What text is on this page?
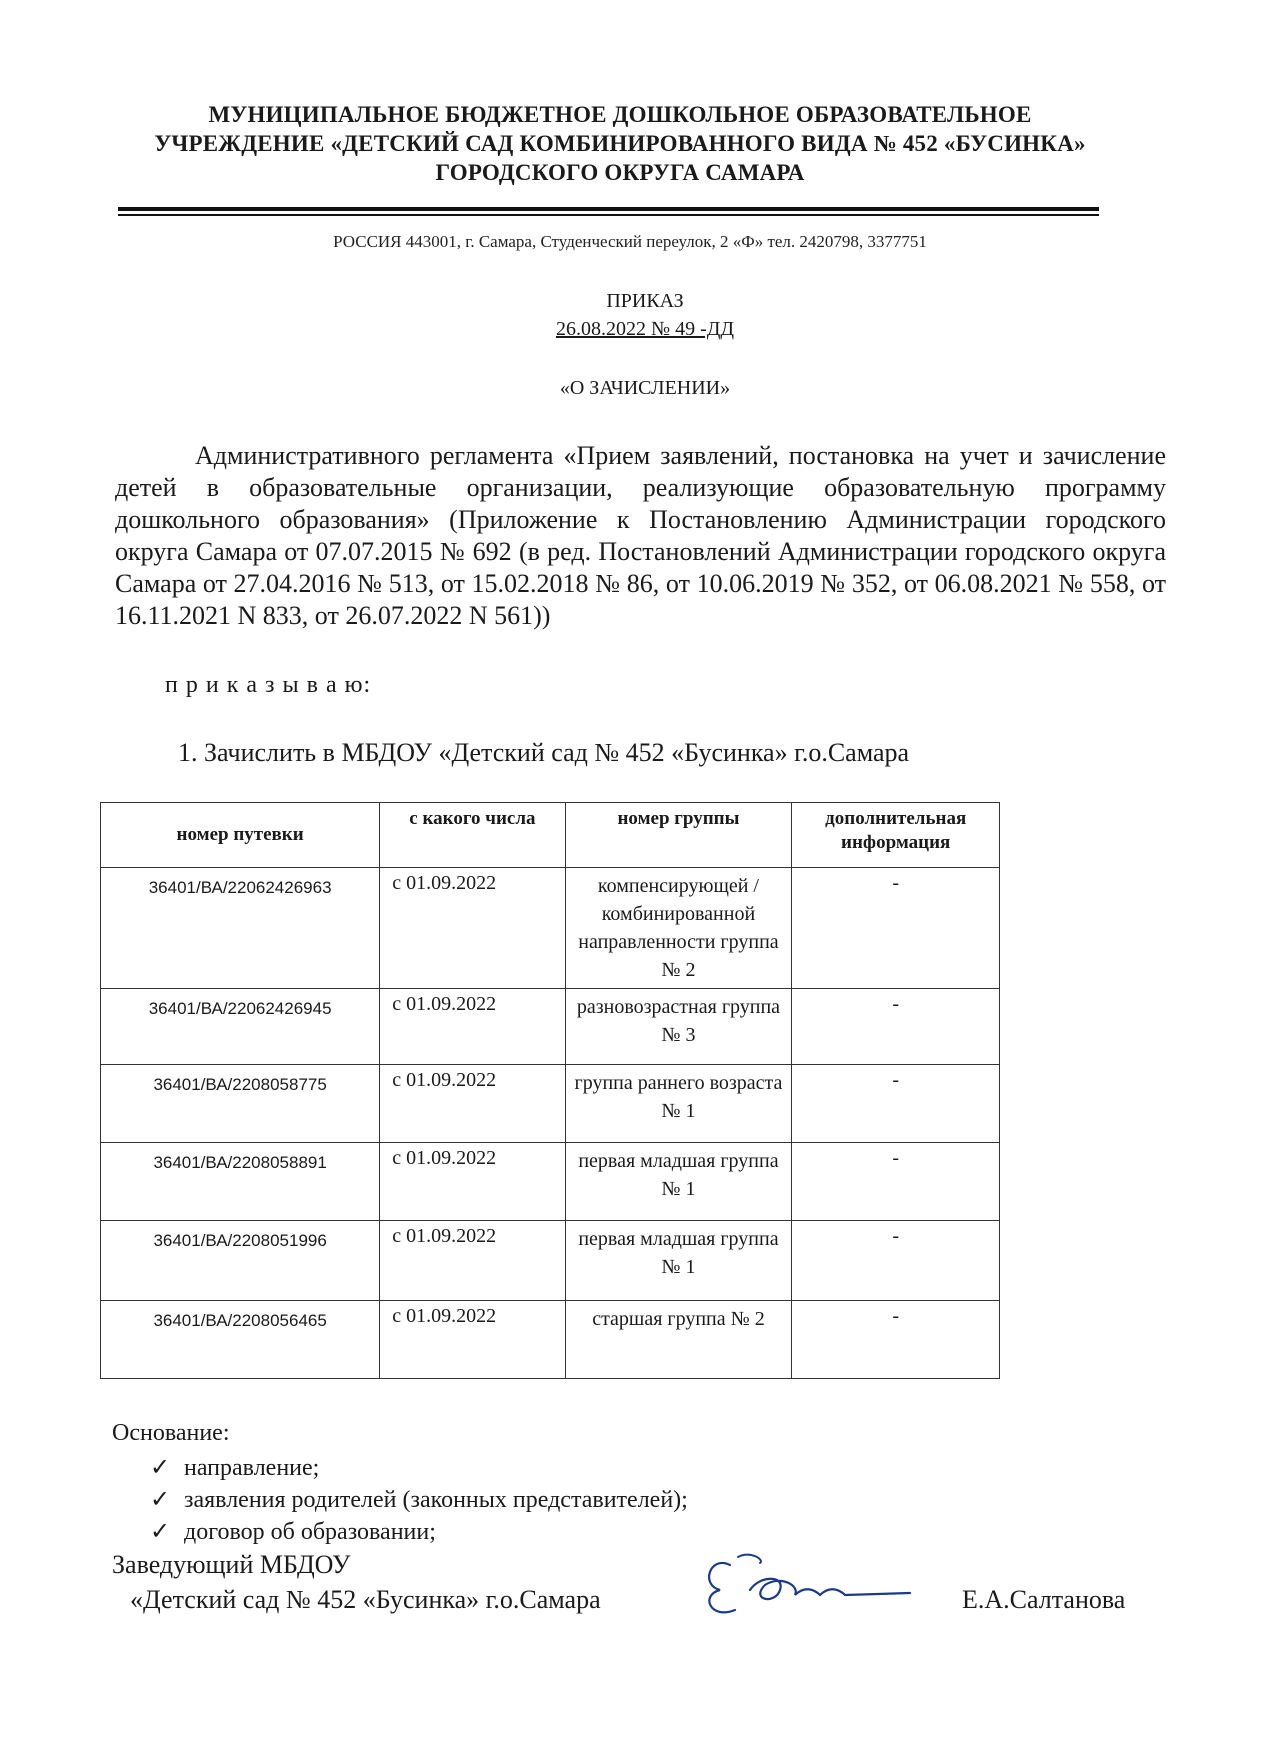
МУНИЦИПАЛЬНОЕ БЮДЖЕТНОЕ ДОШКОЛЬНОЕ ОБРАЗОВАТЕЛЬНОЕ
УЧРЕЖДЕНИЕ «ДЕТСКИЙ САД КОМБИНИРОВАННОГО ВИДА № 452 «БУСИНКА»
ГОРОДСКОГО ОКРУГА САМАРА
РОССИЯ 443001, г. Самара, Студенческий переулок, 2 «Ф» тел. 2420798, 3377751
ПРИКАЗ
26.08.2022 № 49 -ДД
«О ЗАЧИСЛЕНИИ»
Административного регламента «Прием заявлений, постановка на учет и зачисление детей в образовательные организации, реализующие образовательную программу дошкольного образования» (Приложение к Постановлению Администрации городского округа Самара от 07.07.2015 № 692 (в ред. Постановлений Администрации городского округа Самара от 27.04.2016 № 513, от 15.02.2018 № 86, от 10.06.2019 № 352, от 06.08.2021 № 558, от 16.11.2021 N 833, от 26.07.2022 N 561))
п р и к а з ы в а ю:
1. Зачислить в МБДОУ «Детский сад № 452 «Бусинка» г.о.Самара
номер путевки	с какого числа	номер группы	дополнительная информация
36401/ВА/22062426963	с 01.09.2022	компенсирующей /комбинированной направленности группа № 2	-
36401/ВА/22062426945	с 01.09.2022	разновозрастная группа № 3	-
36401/ВА/2208058775	с 01.09.2022	группа раннего возраста № 1	-
36401/ВА/2208058891	с 01.09.2022	первая младшая группа № 1	-
36401/ВА/2208051996	с 01.09.2022	первая младшая группа № 1	-
36401/ВА/2208056465	с 01.09.2022	старшая группа № 2	-
Основание:
✓ направление;
✓ заявления родителей (законных представителей);
✓ договор об образовании;
Заведующий МБДОУ
«Детский сад № 452 «Бусинка» г.о.Самара	Е.А.Салтанова
